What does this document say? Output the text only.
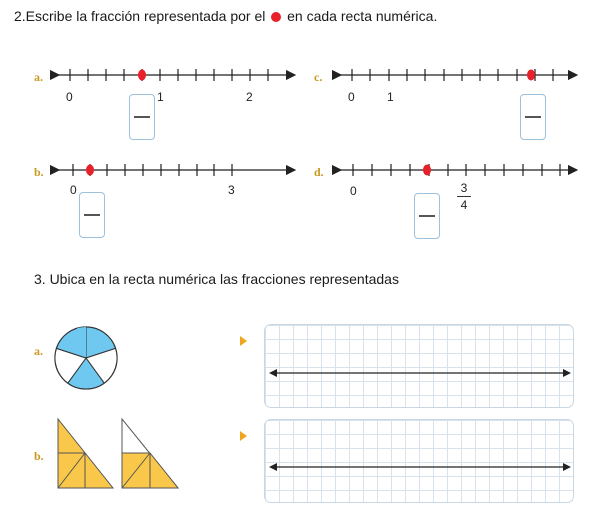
2.Escribe la fracción representada por el en cada recta numérica.
a.
0	1	2
c.
0	1
b.
0	3
d.
0	3
4
3. Ubica en la recta numérica las fracciones representadas
a.
b.
